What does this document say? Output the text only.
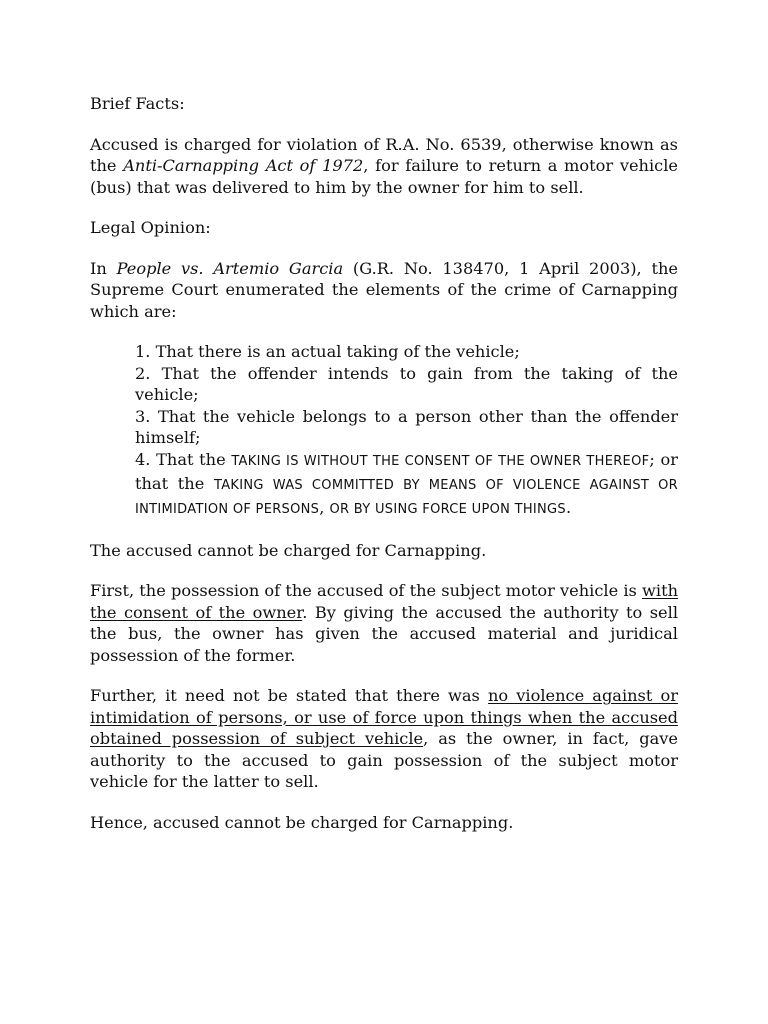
Brief Facts:

Accused is charged for violation of R.A. No. 6539, otherwise known as the Anti-Carnapping Act of 1972, for failure to return a motor vehicle (bus) that was delivered to him by the owner for him to sell.

Legal Opinion:

In People vs. Artemio Garcia (G.R. No. 138470, 1 April 2003), the Supreme Court enumerated the elements of the crime of Carnapping which are:

1. That there is an actual taking of the vehicle;

2. That the offender intends to gain from the taking of the vehicle;

3. That the vehicle belongs to a person other than the offender himself;

4. That the TAKING IS WITHOUT THE CONSENT OF THE OWNER THEREOF; or that the TAKING WAS COMMITTED BY MEANS OF VIOLENCE AGAINST OR INTIMIDATION OF PERSONS, OR BY USING FORCE UPON THINGS.

The accused cannot be charged for Carnapping.

First, the possession of the accused of the subject motor vehicle is with the consent of the owner. By giving the accused the authority to sell the bus, the owner has given the accused material and juridical possession of the former.

Further, it need not be stated that there was no violence against or intimidation of persons, or use of force upon things when the accused obtained possession of subject vehicle, as the owner, in fact, gave authority to the accused to gain possession of the subject motor vehicle for the latter to sell.

Hence, accused cannot be charged for Carnapping.
